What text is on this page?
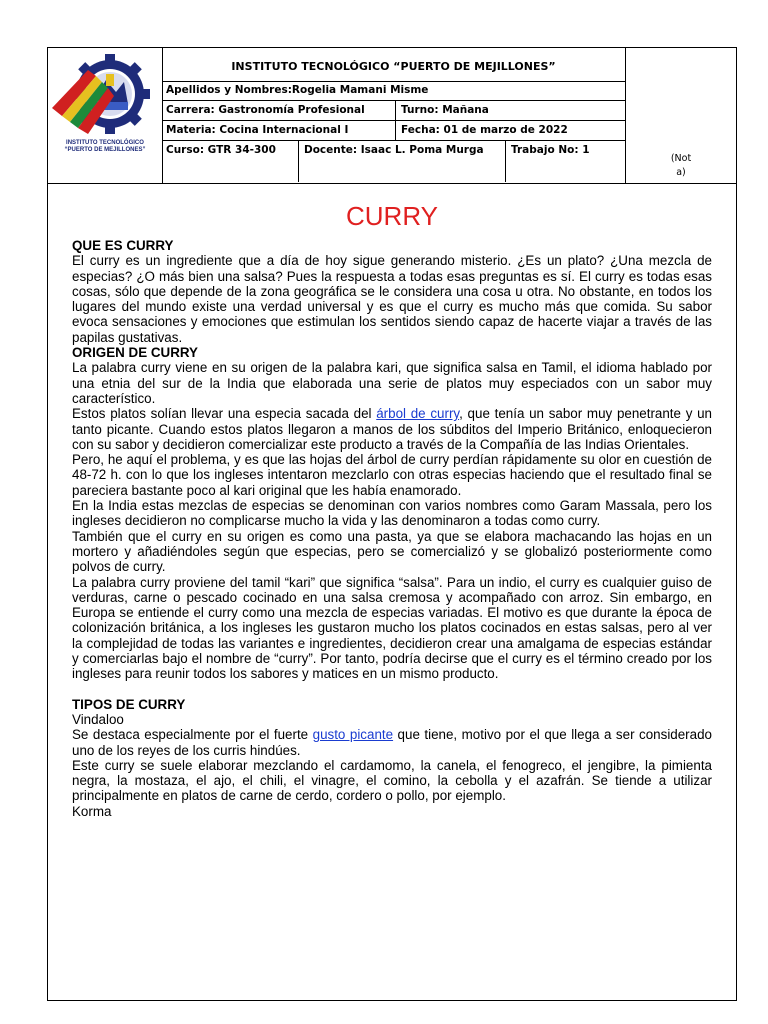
INSTITUTO TECNOLÓGICO
“PUERTO DE MEJILLONES”
INSTITUTO TECNOLÓGICO “PUERTO DE MEJILLONES”
Apellidos y Nombres:Rogelia Mamani Misme
Carrera: Gastronomía Profesional	Turno: Mañana
Materia: Cocina Internacional I	Fecha: 01 de marzo de 2022
Curso: GTR 34-300	Docente: Isaac L. Poma Murga	Trabajo No: 1
(Not
a)
CURRY
QUE ES CURRY

El curry es un ingrediente que a día de hoy sigue generando misterio. ¿Es un plato? ¿Una mezcla de especias? ¿O más bien una salsa? Pues la respuesta a todas esas preguntas es sí. El curry es todas esas cosas, sólo que depende de la zona geográfica se le considera una cosa u otra. No obstante, en todos los lugares del mundo existe una verdad universal y es que el curry es mucho más que comida. Su sabor evoca sensaciones y emociones que estimulan los sentidos siendo capaz de hacerte viajar a través de las papilas gustativas.

ORIGEN DE CURRY

La palabra curry viene en su origen de la palabra kari, que significa salsa en Tamil, el idioma hablado por una etnia del sur de la India que elaborada una serie de platos muy especiados con un sabor muy característico.

Estos platos solían llevar una especia sacada del árbol de curry, que tenía un sabor muy penetrante y un tanto picante. Cuando estos platos llegaron a manos de los súbditos del Imperio Británico, enloquecieron con su sabor y decidieron comercializar este producto a través de la Compañía de las Indias Orientales.

Pero, he aquí el problema, y es que las hojas del árbol de curry perdían rápidamente su olor en cuestión de 48-72 h. con lo que los ingleses intentaron mezclarlo con otras especias haciendo que el resultado final se pareciera bastante poco al kari original que les había enamorado.

En la India estas mezclas de especias se denominan con varios nombres como Garam Massala, pero los ingleses decidieron no complicarse mucho la vida y las denominaron a todas como curry.

También que el curry en su origen es como una pasta, ya que se elabora machacando las hojas en un mortero y añadiéndoles según que especias, pero se comercializó y se globalizó posteriormente como polvos de curry.

La palabra curry proviene del tamil “kari” que significa “salsa”. Para un indio, el curry es cualquier guiso de verduras, carne o pescado cocinado en una salsa cremosa y acompañado con arroz. Sin embargo, en Europa se entiende el curry como una mezcla de especias variadas. El motivo es que durante la época de colonización británica, a los ingleses les gustaron mucho los platos cocinados en estas salsas, pero al ver la complejidad de todas las variantes e ingredientes, decidieron crear una amalgama de especias estándar y comerciarlas bajo el nombre de “curry”. Por tanto, podría decirse que el curry es el término creado por los ingleses para reunir todos los sabores y matices en un mismo producto.

TIPOS DE CURRY

Vindaloo

Se destaca especialmente por el fuerte gusto picante que tiene, motivo por el que llega a ser considerado uno de los reyes de los curris hindúes.

Este curry se suele elaborar mezclando el cardamomo, la canela, el fenogreco, el jengibre, la pimienta negra, la mostaza, el ajo, el chili, el vinagre, el comino, la cebolla y el azafrán. Se tiende a utilizar principalmente en platos de carne de cerdo, cordero o pollo, por ejemplo.

Korma
